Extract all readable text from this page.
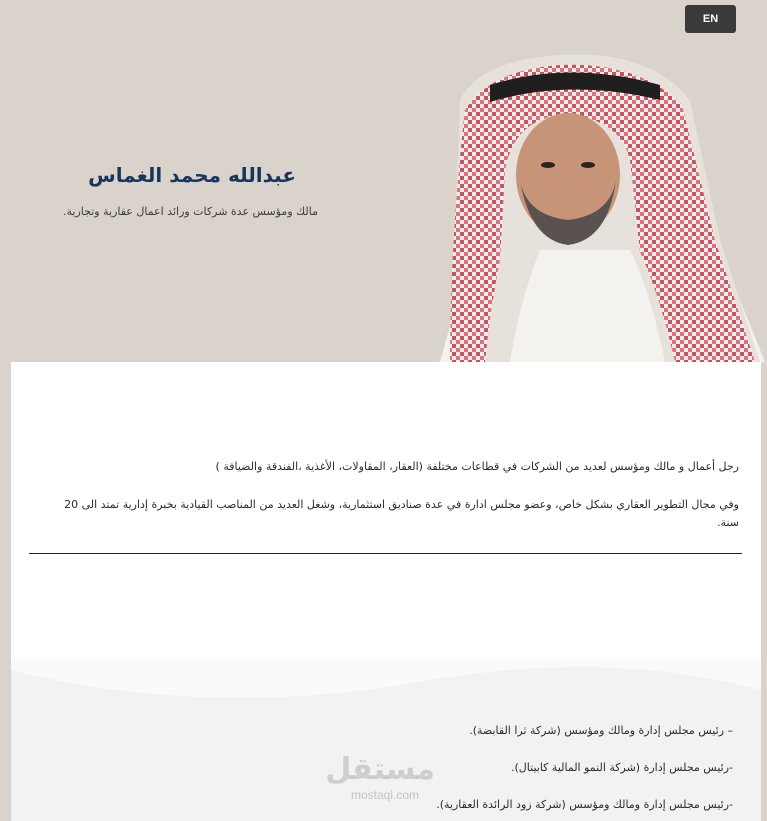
EN
عبدالله محمد الغماس
مالك ومؤسس عدة شركات ورائد اعمال عقارية وتجارية.
رجل أعمال و مالك ومؤسس لعديد من الشركات في قطاعات مختلفة (العقار، المقاولات، الأغذية ،الفندقة والضيافة )
وفي مجال التطوير العقاري بشكل خاص، وعضو مجلس ادارة في عدة صناديق استثمارية، وشغل العديد من المناصب القيادية بخبرة إدارية تمتد الى 20 سنة.
– رئيس مجلس إدارة ومالك ومؤسس (شركة ثرا القابضة).
-رئيس مجلس إدارة (شركة النمو المالية كابيتال).
-رئيس مجلس إدارة ومالك ومؤسس (شركة زود الرائدة العقارية).
مستقل
mostaql.com
